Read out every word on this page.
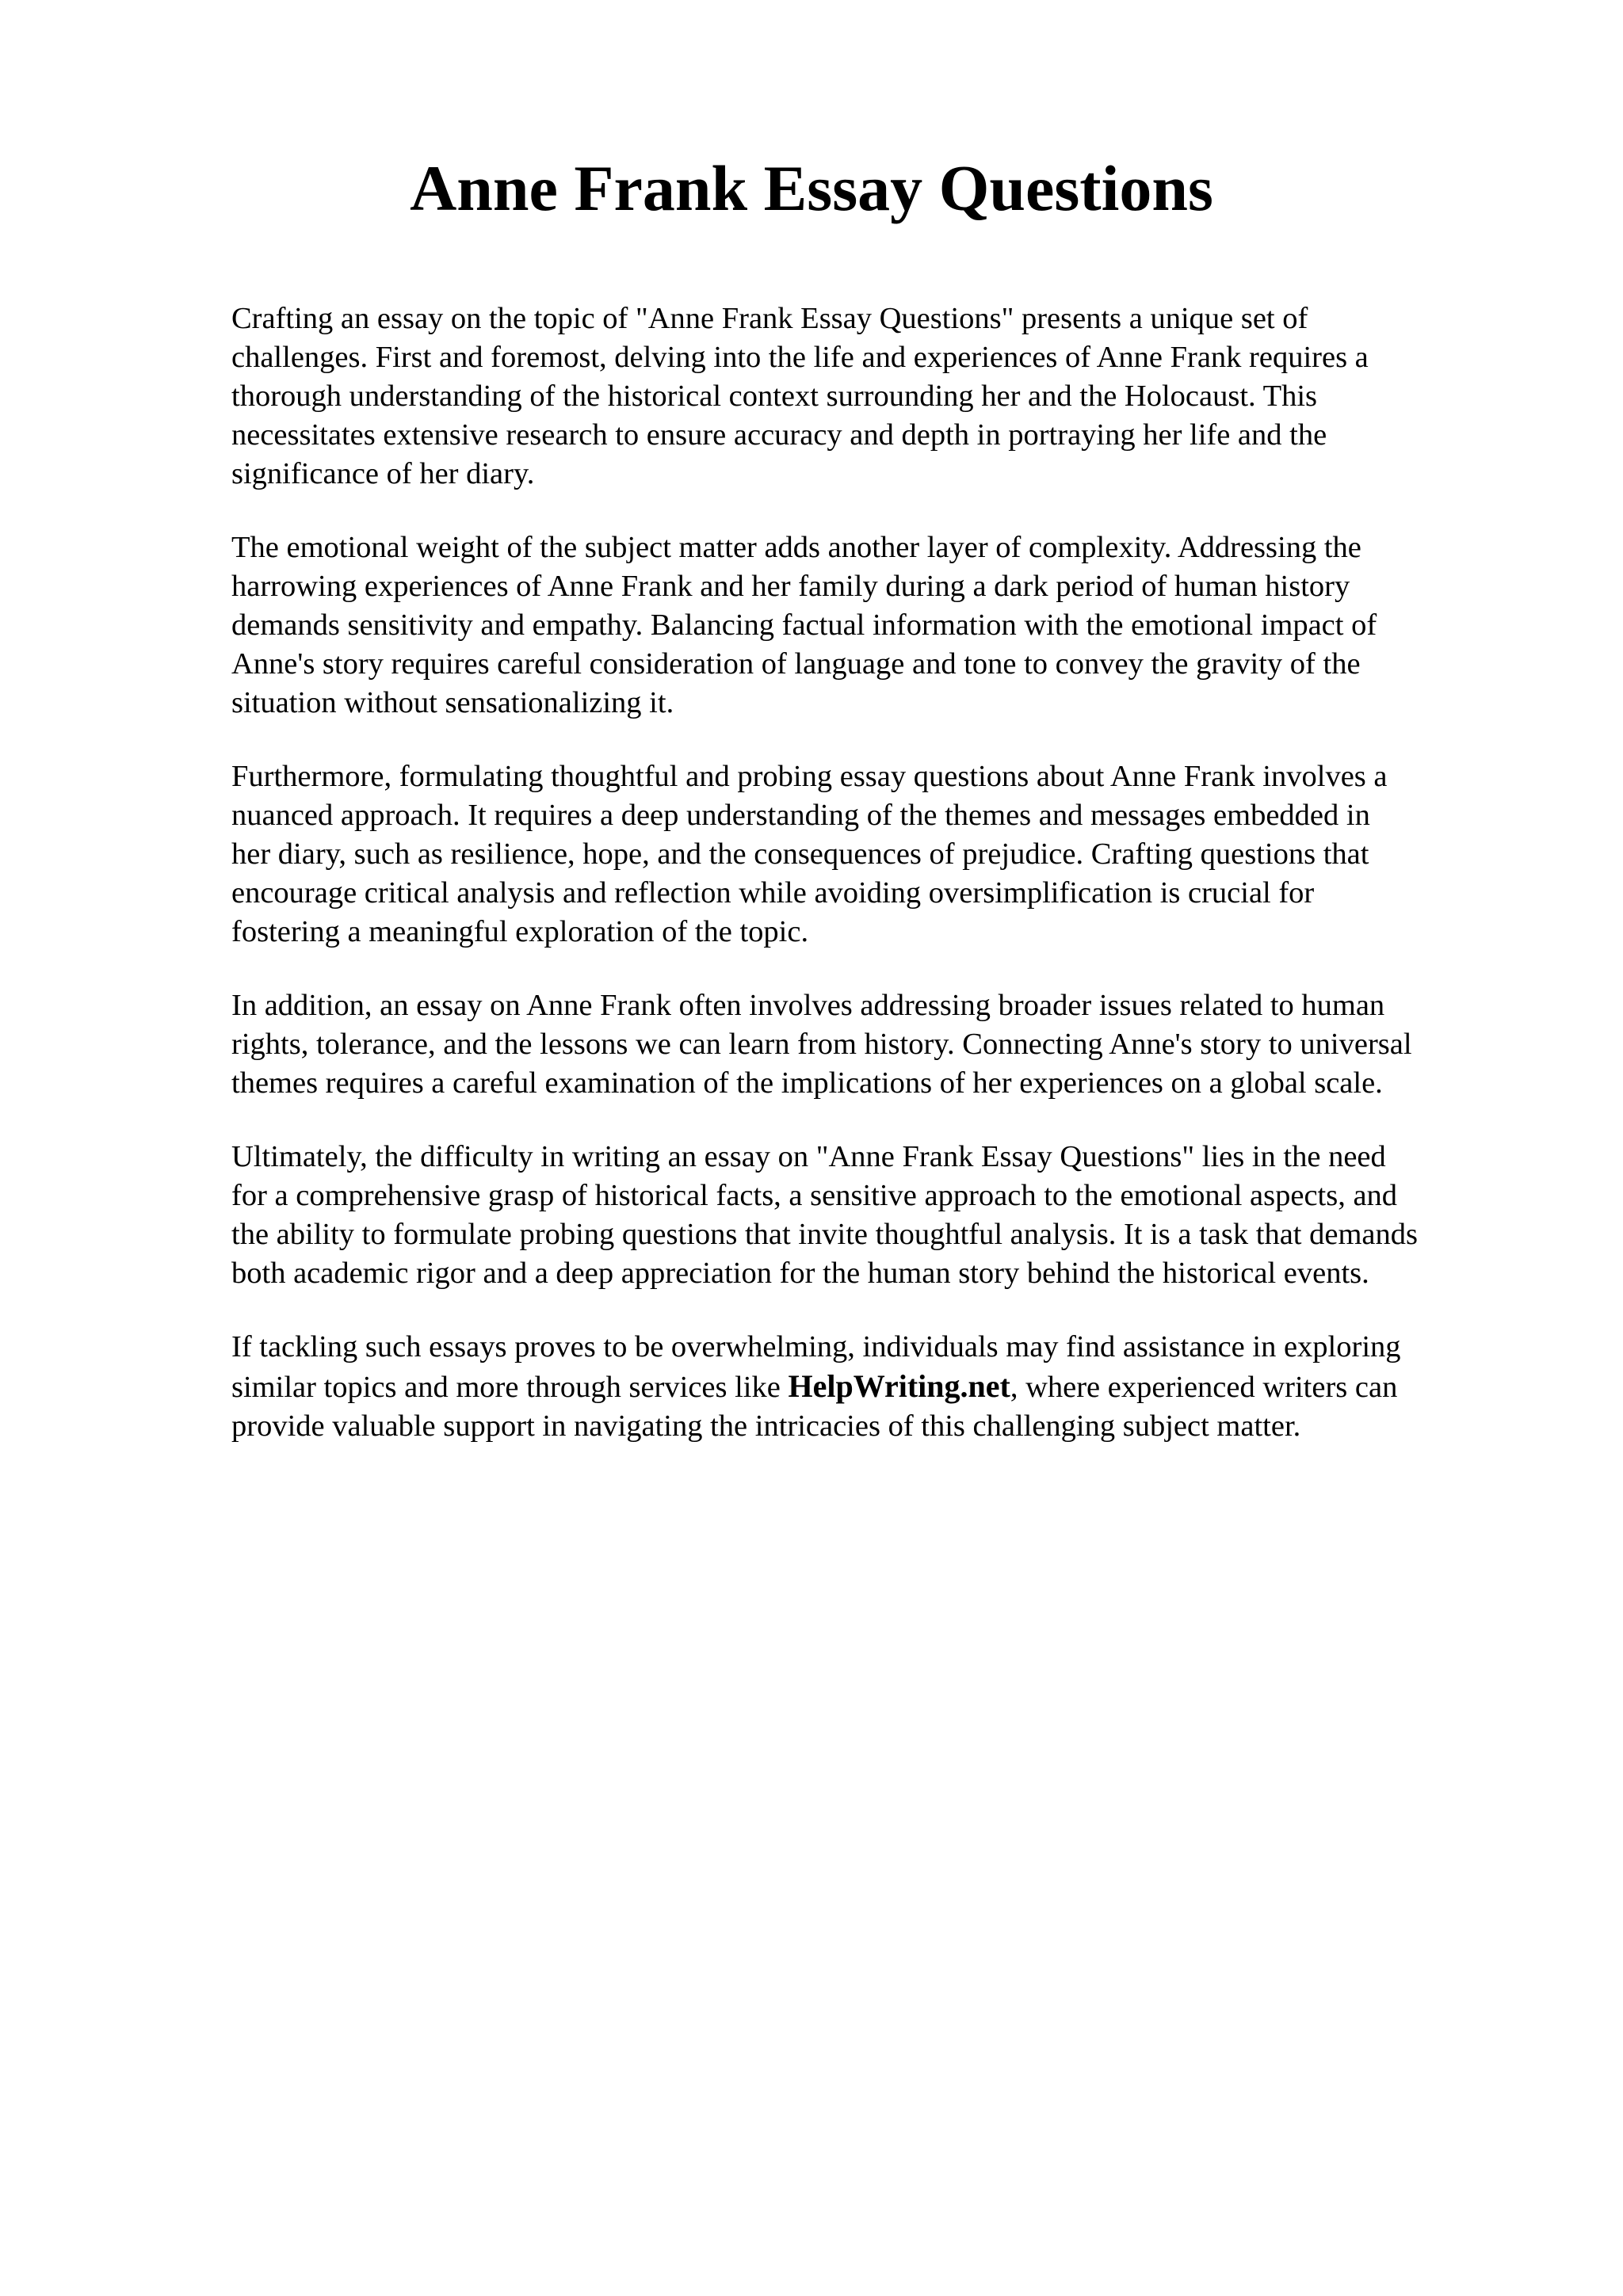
Anne Frank Essay Questions

Crafting an essay on the topic of "Anne Frank Essay Questions" presents a unique set of
challenges. First and foremost, delving into the life and experiences of Anne Frank requires a
thorough understanding of the historical context surrounding her and the Holocaust. This
necessitates extensive research to ensure accuracy and depth in portraying her life and the
significance of her diary.

The emotional weight of the subject matter adds another layer of complexity. Addressing the
harrowing experiences of Anne Frank and her family during a dark period of human history
demands sensitivity and empathy. Balancing factual information with the emotional impact of
Anne's story requires careful consideration of language and tone to convey the gravity of the
situation without sensationalizing it.

Furthermore, formulating thoughtful and probing essay questions about Anne Frank involves a
nuanced approach. It requires a deep understanding of the themes and messages embedded in
her diary, such as resilience, hope, and the consequences of prejudice. Crafting questions that
encourage critical analysis and reflection while avoiding oversimplification is crucial for
fostering a meaningful exploration of the topic.

In addition, an essay on Anne Frank often involves addressing broader issues related to human
rights, tolerance, and the lessons we can learn from history. Connecting Anne's story to universal
themes requires a careful examination of the implications of her experiences on a global scale.

Ultimately, the difficulty in writing an essay on "Anne Frank Essay Questions" lies in the need
for a comprehensive grasp of historical facts, a sensitive approach to the emotional aspects, and
the ability to formulate probing questions that invite thoughtful analysis. It is a task that demands
both academic rigor and a deep appreciation for the human story behind the historical events.

If tackling such essays proves to be overwhelming, individuals may find assistance in exploring
similar topics and more through services like HelpWriting.net, where experienced writers can
provide valuable support in navigating the intricacies of this challenging subject matter.
